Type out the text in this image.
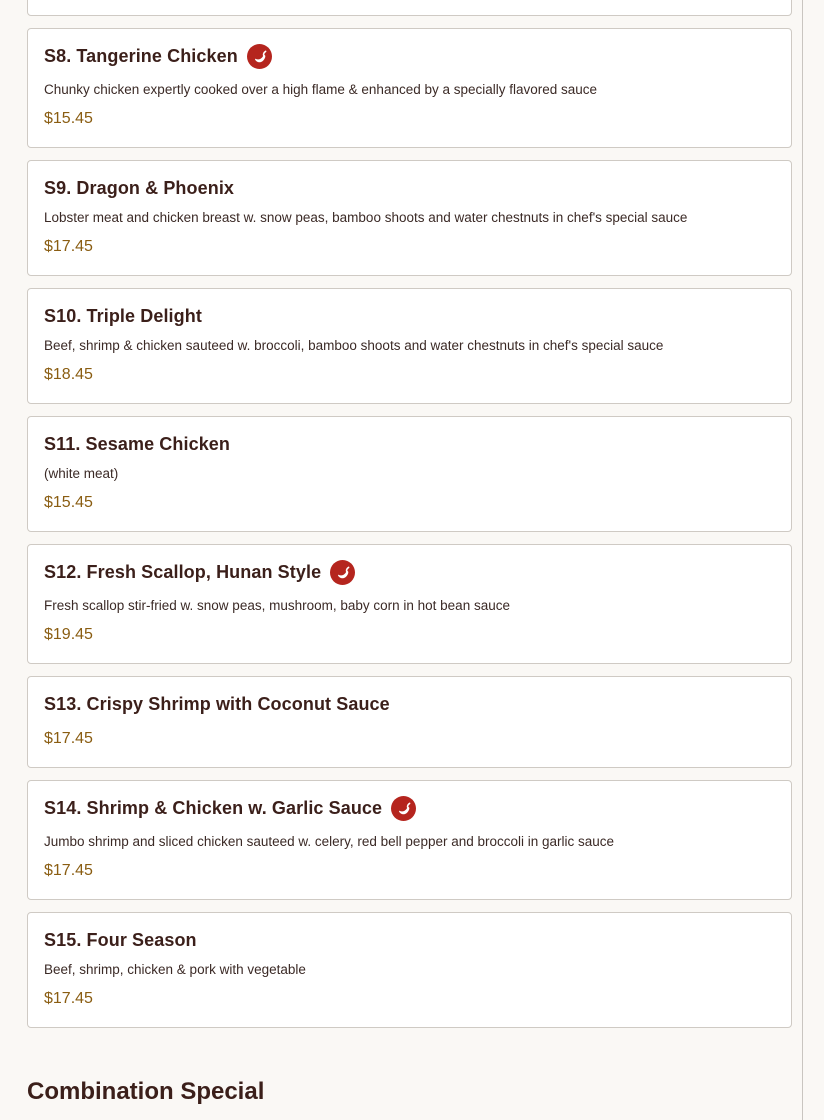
S8. Tangerine Chicken
Chunky chicken expertly cooked over a high flame & enhanced by a specially flavored sauce
$15.45
S9. Dragon & Phoenix
Lobster meat and chicken breast w. snow peas, bamboo shoots and water chestnuts in chef's special sauce
$17.45
S10. Triple Delight
Beef, shrimp & chicken sauteed w. broccoli, bamboo shoots and water chestnuts in chef's special sauce
$18.45
S11. Sesame Chicken
(white meat)
$15.45
S12. Fresh Scallop, Hunan Style
Fresh scallop stir-fried w. snow peas, mushroom, baby corn in hot bean sauce
$19.45
S13. Crispy Shrimp with Coconut Sauce
$17.45
S14. Shrimp & Chicken w. Garlic Sauce
Jumbo shrimp and sliced chicken sauteed w. celery, red bell pepper and broccoli in garlic sauce
$17.45
S15. Four Season
Beef, shrimp, chicken & pork with vegetable
$17.45
Combination Special
